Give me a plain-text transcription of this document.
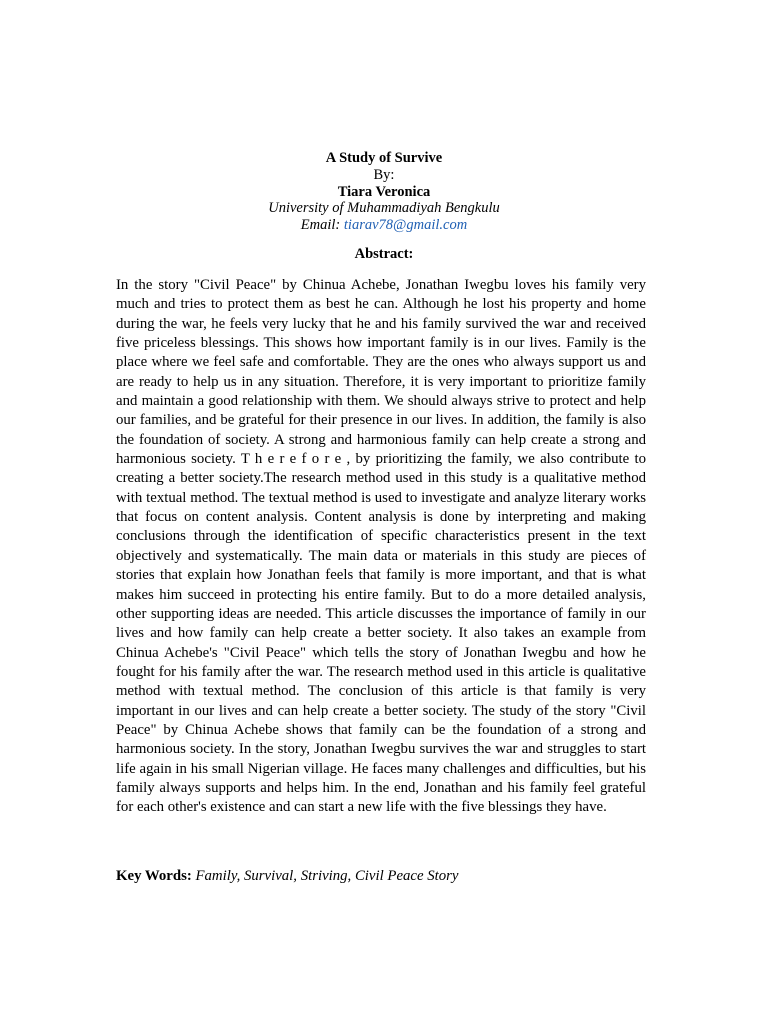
A Study of Survive
By:
Tiara Veronica
University of Muhammadiyah Bengkulu
Email: tiarav78@gmail.com
Abstract:

In the story "Civil Peace" by Chinua Achebe, Jonathan Iwegbu loves his family very much and tries to protect them as best he can. Although he lost his property and home during the war, he feels very lucky that he and his family survived the war and received five priceless blessings. This shows how important family is in our lives. Family is the place where we feel safe and comfortable. They are the ones who always support us and are ready to help us in any situation. Therefore, it is very important to prioritize family and maintain a good relationship with them. We should always strive to protect and help our families, and be grateful for their presence in our lives. In addition, the family is also the foundation of society. A strong and harmonious family can help create a strong and harmonious society. T h e r e f o r e , by prioritizing the family, we also contribute to creating a better society.The research method used in this study is a qualitative method with textual method. The textual method is used to investigate and analyze literary works that focus on content analysis. Content analysis is done by interpreting and making conclusions through the identification of specific characteristics present in the text objectively and systematically. The main data or materials in this study are pieces of stories that explain how Jonathan feels that family is more important, and that is what makes him succeed in protecting his entire family. But to do a more detailed analysis, other supporting ideas are needed. This article discusses the importance of family in our lives and how family can help create a better society. It also takes an example from Chinua Achebe's "Civil Peace" which tells the story of Jonathan Iwegbu and how he fought for his family after the war. The research method used in this article is qualitative method with textual method. The conclusion of this article is that family is very important in our lives and can help create a better society. The study of the story "Civil Peace" by Chinua Achebe shows that family can be the foundation of a strong and harmonious society. In the story, Jonathan Iwegbu survives the war and struggles to start life again in his small Nigerian village. He faces many challenges and difficulties, but his family always supports and helps him. In the end, Jonathan and his family feel grateful for each other's existence and can start a new life with the five blessings they have.

Key Words: Family, Survival, Striving, Civil Peace Story
